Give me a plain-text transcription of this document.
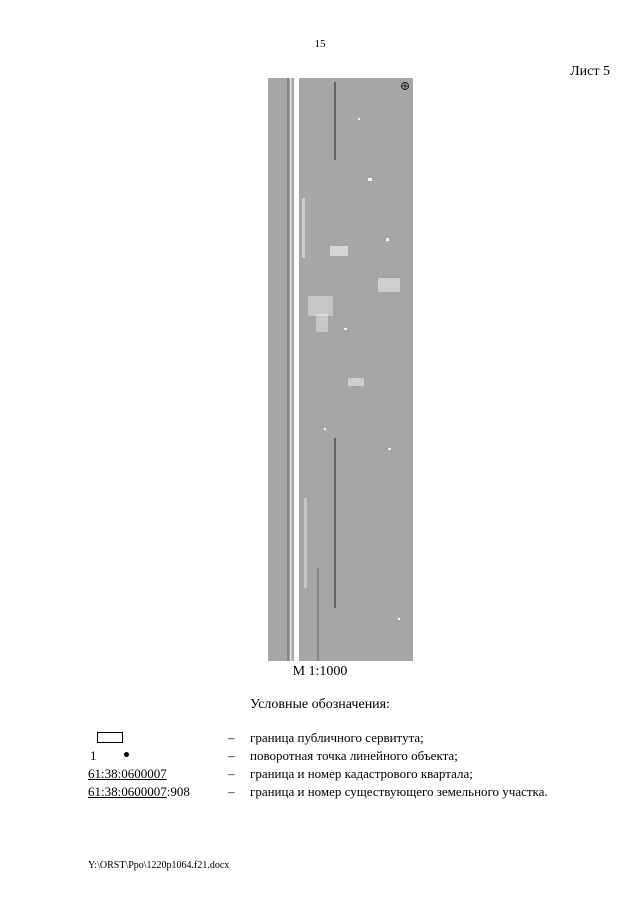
15
Лист 5
М 1:1000
Условные обозначения:
– граница публичного сервитута;
1	– поворотная точка линейного объекта;
61:38:0600007	– граница и номер кадастрового квартала;
61:38:0600007:908	– граница и номер существующего земельного участка.
Y:\ORST\Ppo\1220p1064.f21.docx
